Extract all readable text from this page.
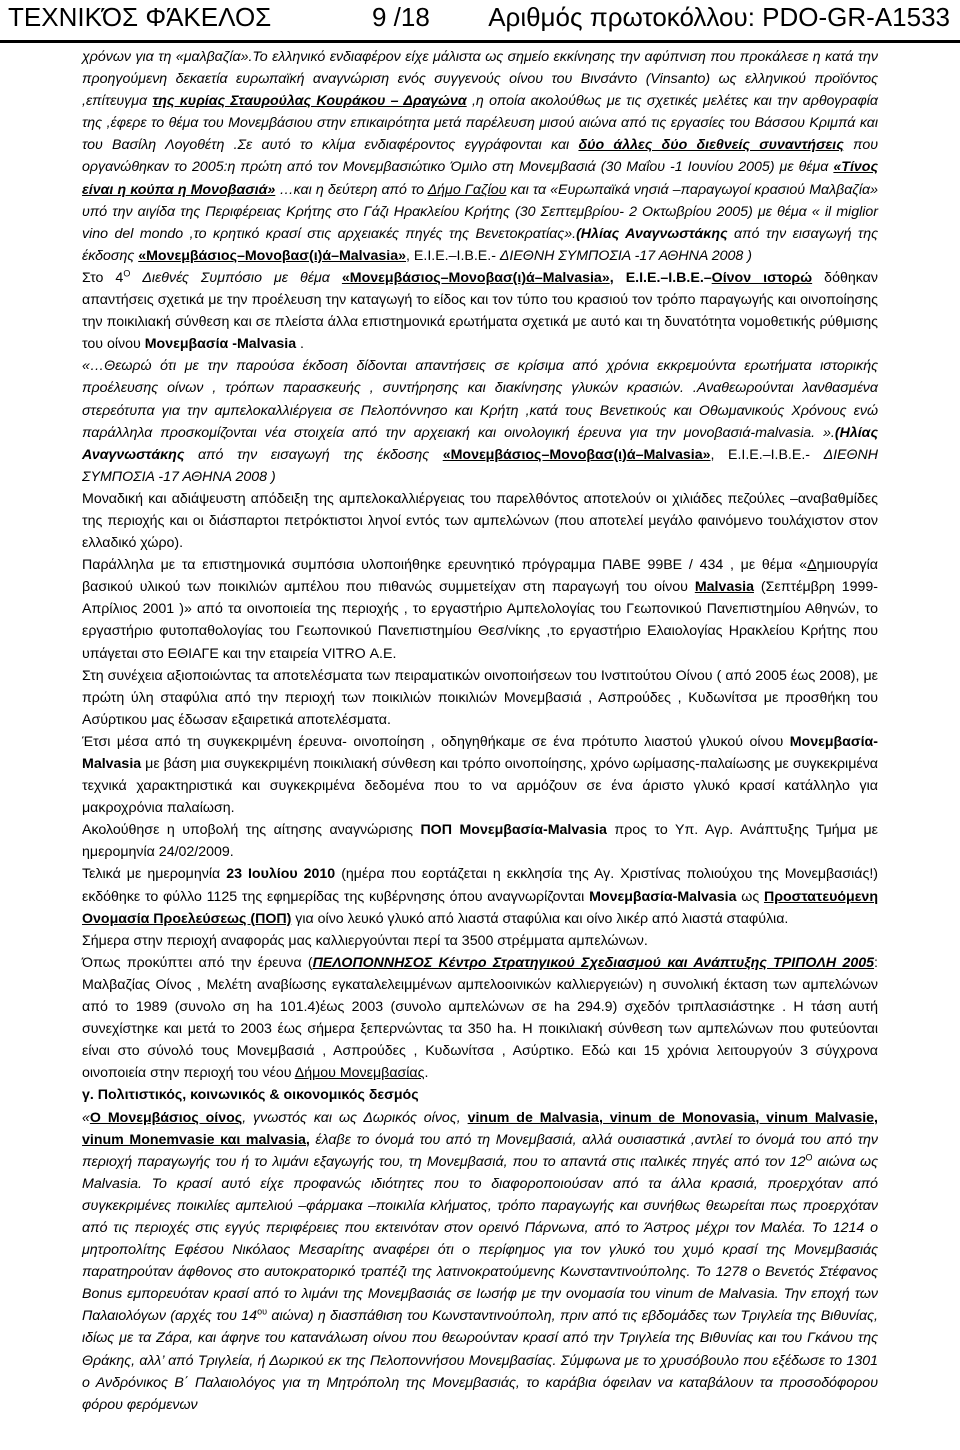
ΤΕΧΝΙΚΌΣ ΦΆΚΕΛΟΣ	9 /18 Αριθμός πρωτοκόλλου: PDO-GR-A1533

χρόνων για τη «μαλβαζία».Το ελληνικό ενδιαφέρον είχε μάλιστα ως σημείο εκκίνησης την αφύπνιση που προκάλεσε η κατά την προηγούμενη δεκαετία ευρωπαϊκή αναγνώριση ενός συγγενούς οίνου του Βινσάντο (Vinsanto) ως ελληνικού προϊόντος ,επίτευγμα της κυρίας Σταυρούλας Κουράκου – Δραγώνα ,η οποία ακολούθως με τις σχετικές μελέτες και την αρθογραφία της ,έφερε το θέμα του Μονεμβάσιου στην επικαιρότητα μετά παρέλευση μισού αιώνα από τις εργασίες του Βάσσου Κριμπά και του Βασίλη Λογοθέτη .Σε αυτό το κλίμα ενδιαφέροντος εγγράφονται και δύο άλλες δύο διεθνείς συναντήσεις που οργανώθηκαν το 2005:η πρώτη από τον Μονεμβασιώτικο Όμιλο στη Μονεμβασιά (30 Μαΐου -1 Ιουνίου 2005) με θέμα «Τίνος είναι η κούπα η Μονοβασιά» …και η δεύτερη από το Δήμο Γαζίου και τα «Ευρωπαϊκά νησιά –παραγωγοί κρασιού Μαλβαζία» υπό την αιγίδα της Περιφέρειας Κρήτης στο Γάζι Ηρακλείου Κρήτης (30 Σεπτεμβρίου- 2 Οκτωβρίου 2005) με θέμα « il miglior vino del mondo ,το κρητικό κρασί στις αρχειακές πηγές της Βενετοκρατίας».(Ηλίας Αναγνωστάκης από την εισαγωγή της έκδοσης «Μονεμβάσιος–Μονοβασ(ι)ά–Malvasia», Ε.Ι.Ε.–Ι.Β.Ε.- ΔΙΕΘΝΗ ΣΥΜΠΟΣΙΑ -17 ΑΘΗΝΑ 2008 )

Στο $4^O$ Διεθνές Συμπόσιο με θέμα «Μονεμβάσιος–Μονοβασ(ι)ά–Malvasia», Ε.Ι.Ε.–Ι.Β.Ε.–Οίνον ιστορώ δόθηκαν απαντήσεις σχετικά με την προέλευση την καταγωγή το είδος και τον τύπο του κρασιού τον τρόπο παραγωγής και οινοποίησης την ποικιλιακή σύνθεση και σε πλείστα άλλα επιστημονικά ερωτήματα σχετικά με αυτό και τη δυνατότητα νομοθετικής ρύθμισης του οίνου Μονεμβασία -Malvasia .

«…Θεωρώ ότι με την παρούσα έκδοση δίδονται απαντήσεις σε κρίσιμα από χρόνια εκκρεμούντα ερωτήματα ιστορικής προέλευσης οίνων , τρόπων παρασκευής , συντήρησης και διακίνησης γλυκών κρασιών. .Αναθεωρούνται λανθασμένα στερεότυπα για την αμπελοκαλλιέργεια σε Πελοπόννησο και Κρήτη ,κατά τους Βενετικούς και Οθωμανικούς Χρόνους ενώ παράλληλα προσκομίζονται νέα στοιχεία από την αρχειακή και οινολογική έρευνα για την μονοβασιά-malvasia. ».(Ηλίας Αναγνωστάκης από την εισαγωγή της έκδοσης «Μονεμβάσιος–Μονοβασ(ι)ά–Malvasia», Ε.Ι.Ε.–Ι.Β.Ε.- ΔΙΕΘΝΗ ΣΥΜΠΟΣΙΑ -17 ΑΘΗΝΑ 2008 )

Μοναδική και αδιάψευστη απόδειξη της αμπελοκαλλιέργειας του παρελθόντος αποτελούν οι χιλιάδες πεζούλες –αναβαθμίδες της περιοχής και οι διάσπαρτοι πετρόκτιστοι ληνοί εντός των αμπελώνων (που αποτελεί μεγάλο φαινόμενο τουλάχιστον στον ελλαδικό χώρο).

Παράλληλα με τα επιστημονικά συμπόσια υλοποιήθηκε ερευνητικό πρόγραμμα ΠΑΒΕ 99ΒΕ / 434 , με θέμα «Δημιουργία βασικού υλικού των ποικιλιών αμπέλου που πιθανώς συμμετείχαν στη παραγωγή του οίνου Malvasia (Σεπτέμβρη 1999- Απρίλιος 2001 )» από τα οινοποιεία της περιοχής , το εργαστήριο Αμπελολογίας του Γεωπονικού Πανεπιστημίου Αθηνών, το εργαστήριο φυτοπαθολογίας του Γεωπονικού Πανεπιστημίου Θεσ/νίκης ,το εργαστήριο Ελαιολογίας Ηρακλείου Κρήτης που υπάγεται στο ΕΘΙΑΓΕ και την εταιρεία VITRO Α.Ε.

Στη συνέχεια αξιοποιώντας τα αποτελέσματα των πειραματικών οινοποιήσεων του Ινστιτούτου Οίνου ( από 2005 έως 2008), με πρώτη ύλη σταφύλια από την περιοχή των ποικιλιών ποικιλιών Μονεμβασιά , Ασπρούδες , Κυδωνίτσα με προσθήκη του Ασύρτικου μας έδωσαν εξαιρετικά αποτελέσματα.

Έτσι μέσα από τη συγκεκριμένη έρευνα- οινοποίηση , οδηγηθήκαμε σε ένα πρότυπο λιαστού γλυκού οίνου Μονεμβασία-Malvasia με βάση μια συγκεκριμένη ποικιλιακή σύνθεση και τρόπο οινοποίησης, χρόνο ωρίμασης-παλαίωσης με συγκεκριμένα τεχνικά χαρακτηριστικά και συγκεκριμένα δεδομένα που το να αρμόζουν σε ένα άριστο γλυκό κρασί κατάλληλο για μακροχρόνια παλαίωση.

Ακολούθησε η υποβολή της αίτησης αναγνώρισης ΠΟΠ Μονεμβασία-Malvasia προς το Υπ. Αγρ. Ανάπτυξης Τμήμα με ημερομηνία 24/02/2009.

Τελικά με ημερομηνία 23 Ιουλίου 2010 (ημέρα που εορτάζεται η εκκλησία της Αγ. Χριστίνας πολιούχου της Μονεμβασιάς!) εκδόθηκε το φύλλο 1125 της εφημερίδας της κυβέρνησης όπου αναγνωρίζονται Μονεμβασία-Malvasia ως Προστατευόμενη Ονομασία Προελεύσεως (ΠΟΠ) για οίνο λευκό γλυκό από λιαστά σταφύλια και οίνο λικέρ από λιαστά σταφύλια.

Σήμερα στην περιοχή αναφοράς μας καλλιεργούνται περί τα 3500 στρέμματα αμπελώνων.

Όπως προκύπτει από την έρευνα (ΠΕΛΟΠΟΝΝΗΣΟΣ Κέντρο Στρατηγικού Σχεδιασμού και Ανάπτυξης ΤΡΙΠΟΛΗ 2005: Μαλβαζίας Οίνος , Μελέτη αναβίωσης εγκαταλελειμμένων αμπελοοινικών καλλιεργειών) η συνολική έκταση των αμπελώνων από το 1989 (συνολο ση ha 101.4)έως 2003 (συνολο αμπελώνων σε ha 294.9) σχεδόν τριπλασιάστηκε . Η τάση αυτή συνεχίστηκε και μετά το 2003 έως σήμερα ξεπερνώντας τα 350 ha. Η ποικιλιακή σύνθεση των αμπελώνων που φυτεύονται είναι στο σύνολό τους Μονεμβασιά , Ασπρούδες , Κυδωνίτσα , Ασύρτικο. Εδώ και 15 χρόνια λειτουργούν 3 σύγχρονα οινοποιεία στην περιοχή του νέου Δήμου Μονεμβασίας.

γ. Πολιτιστικός, κοινωνικός & οικονομικός δεσμός

«O Μονεμβάσιος οίνος, γνωστός και ως Δωρικός οίνος, vinum de Malvasia, vinum de Monovasia, vinum Malvasie, vinum Monemvasie και malvasia, έλαβε το όνομά του από τη Μονεμβασιά, αλλά ουσιαστικά ,αντλεί το όνομά του από την περιοχή παραγωγής του ή το λιμάνι εξαγωγής του, τη Μονεμβασιά, που το απαντά στις ιταλικές πηγές από τον $12^O$ αιώνα ως Malvasia. Το κρασί αυτό είχε προφανώς ιδιότητες που το διαφοροποιούσαν από τα άλλα κρασιά, προερχόταν από συγκεκριμένες ποικιλίες αμπελιού –φάρμακα –ποικιλία κλήματος, τρόπο παραγωγής και συνήθως θεωρείται πως προερχόταν από τις περιοχές στις εγγύς περιφέρειες που εκτεινόταν στον ορεινό Πάρνωνα, από το Άστρος μέχρι τον Μαλέα. Το 1214 ο μητροπολίτης Εφέσου Νικόλαος Μεσαρίτης αναφέρει ότι ο περίφημος για τον γλυκό του χυμό κρασί της Μονεμβασιάς παρατηρούταν άφθονος στο αυτοκρατορικό τραπέζι της λατινοκρατούμενης Κωνσταντινούπολης. Το 1278 ο Βενετός Στέφανος Bonus εμπορευόταν κρασί από το λιμάνι της Μονεμβασιάς σε Ιωσήφ με την ονομασία του vinum de Malvasia. Την εποχή των Παλαιολόγων (αρχές του $14^{o\upsilon}$ αιώνα) η διασπάθιση του Κωνσταντινούπολη, πριν από τις εβδομάδες των Τριγλεία της Βιθυνίας, ιδίως με τα Ζάρα, και άφηνε του κατανάλωση οίνου που θεωρούνταν κρασί από την Τριγλεία της Βιθυνίας και του Γκάνου της Θράκης, αλλ’ από Τριγλεία, ή Δωρικού εκ της Πελοποννήσου Μονεμβασίας. Σύμφωνα με το χρυσόβουλο που εξέδωσε το 1301 ο Ανδρόνικος Β΄ Παλαιολόγος για τη Μητρόπολη της Μονεμβασιάς, το καράβια όφειλαν να καταβάλουν τα προσοδόφορου φόρου φερόμενων
